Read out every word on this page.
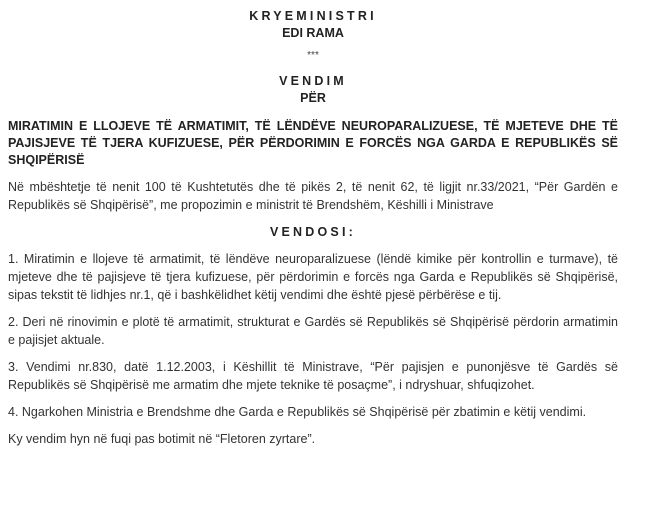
KRYEMINISTRI
EDI RAMA
***
VENDIM
PËR
MIRATIMIN E LLOJEVE TË ARMATIMIT, TË LËNDËVE NEUROPARALIZUESE, TË MJETEVE DHE TË PAJISJEVE TË TJERA KUFIZUESE, PËR PËRDORIMIN E FORCËS NGA GARDA E REPUBLIKËS SË SHQIPËRISË

Në mbështetje të nenit 100 të Kushtetutës dhe të pikës 2, të nenit 62, të ligjit nr.33/2021, “Për Gardën e Republikës së Shqipërisë”, me propozimin e ministrit të Brendshëm, Këshilli i Ministrave

VENDOSI:

1. Miratimin e llojeve të armatimit, të lëndëve neuroparalizuese (lëndë kimike për kontrollin e turmave), të mjeteve dhe të pajisjeve të tjera kufizuese, për përdorimin e forcës nga Garda e Republikës së Shqipërisë, sipas tekstit të lidhjes nr.1, që i bashkëlidhet këtij vendimi dhe është pjesë përbërëse e tij.

2. Deri në rinovimin e plotë të armatimit, strukturat e Gardës së Republikës së Shqipërisë përdorin armatimin e pajisjet aktuale.

3. Vendimi nr.830, datë 1.12.2003, i Këshillit të Ministrave, “Për pajisjen e punonjësve të Gardës së Republikës së Shqipërisë me armatim dhe mjete teknike të posaçme”, i ndryshuar, shfuqizohet.

4. Ngarkohen Ministria e Brendshme dhe Garda e Republikës së Shqipërisë për zbatimin e këtij vendimi.

Ky vendim hyn në fuqi pas botimit në “Fletoren zyrtare”.
